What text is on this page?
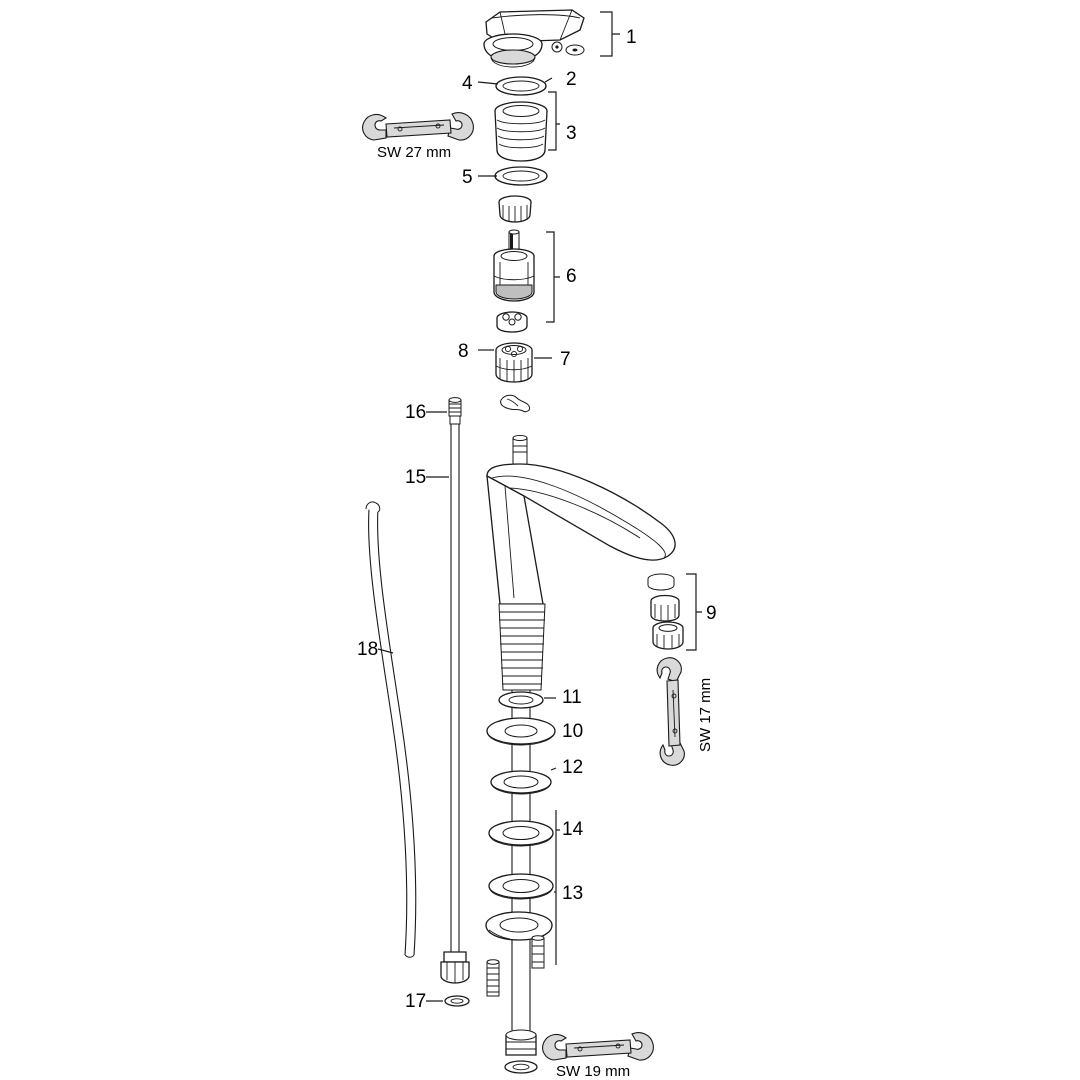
1
2
3
4
5
6
7
8
9
10
11
12
13
14
15
16
17
18
SW 27 mm
SW 17 mm
SW 19 mm
